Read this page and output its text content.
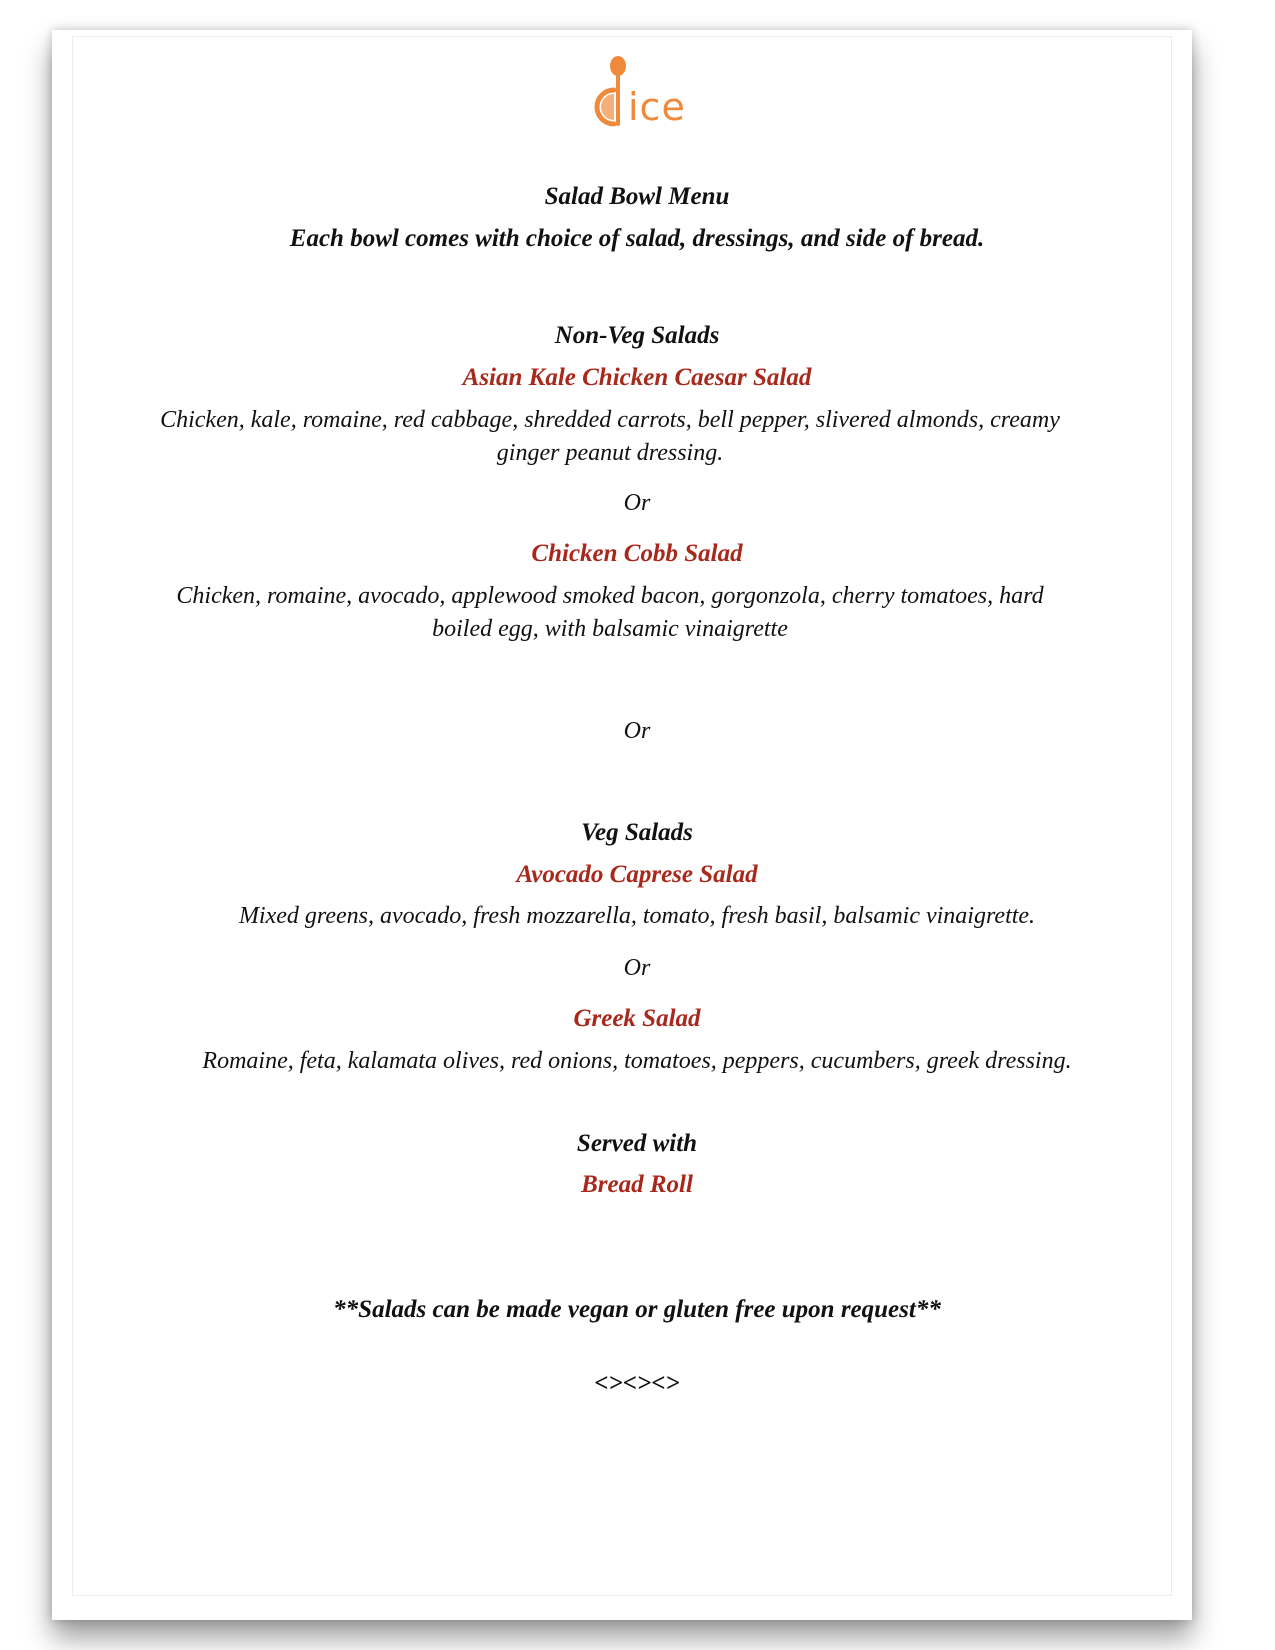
ice

Salad Bowl Menu

Each bowl comes with choice of salad, dressings, and side of bread.

Non-Veg Salads

Asian Kale Chicken Caesar Salad

Chicken, kale, romaine, red cabbage, shredded carrots, bell pepper, slivered almonds, creamy ginger peanut dressing.

Or

Chicken Cobb Salad

Chicken, romaine, avocado, applewood smoked bacon, gorgonzola, cherry tomatoes, hard boiled egg, with balsamic vinaigrette

Or

Veg Salads

Avocado Caprese Salad

Mixed greens, avocado, fresh mozzarella, tomato, fresh basil, balsamic vinaigrette.

Or

Greek Salad

Romaine, feta, kalamata olives, red onions, tomatoes, peppers, cucumbers, greek dressing.

Served with

Bread Roll

**Salads can be made vegan or gluten free upon request**

<><><>
